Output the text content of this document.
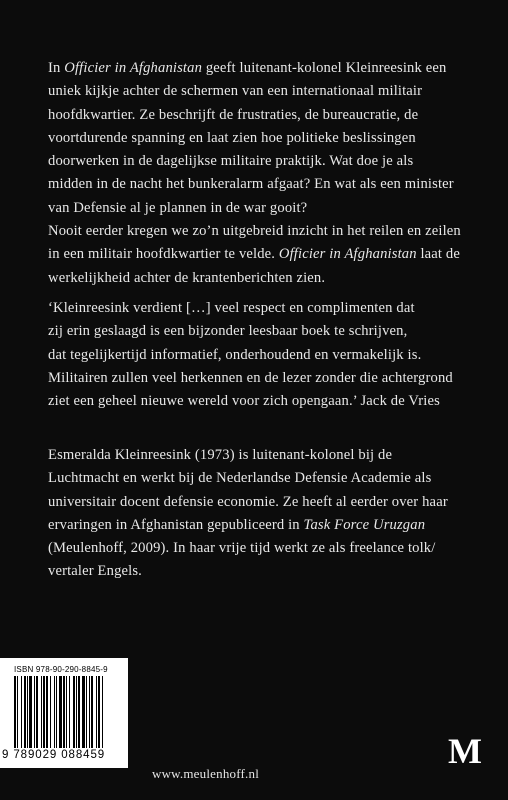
In Officier in Afghanistan geeft luitenant-kolonel Kleinreesink een

uniek kijkje achter de schermen van een internationaal militair

hoofdkwartier. Ze beschrijft de frustraties, de bureaucratie, de

voortdurende spanning en laat zien hoe politieke beslissingen

doorwerken in de dagelijkse militaire praktijk. Wat doe je als

midden in de nacht het bunkeralarm afgaat? En wat als een minister

van Defensie al je plannen in de war gooit?

Nooit eerder kregen we zo’n uitgebreid inzicht in het reilen en zeilen

in een militair hoofdkwartier te velde. Officier in Afghanistan laat de

werkelijkheid achter de krantenberichten zien.

‘Kleinreesink verdient […] veel respect en complimenten dat

zij erin geslaagd is een bijzonder leesbaar boek te schrijven,

dat tegelijkertijd informatief, onderhoudend en vermakelijk is.

Militairen zullen veel herkennen en de lezer zonder die achtergrond

ziet een geheel nieuwe wereld voor zich opengaan.’ Jack de Vries

Esmeralda Kleinreesink (1973) is luitenant-kolonel bij de

Luchtmacht en werkt bij de Nederlandse Defensie Academie als

universitair docent defensie economie. Ze heeft al eerder over haar

ervaringen in Afghanistan gepubliceerd in Task Force Uruzgan

(Meulenhoff, 2009). In haar vrije tijd werkt ze als freelance tolk/

vertaler Engels.

ISBN 978-90-290-8845-9
9 789029 088459
www.meulenhoff.nl
M
